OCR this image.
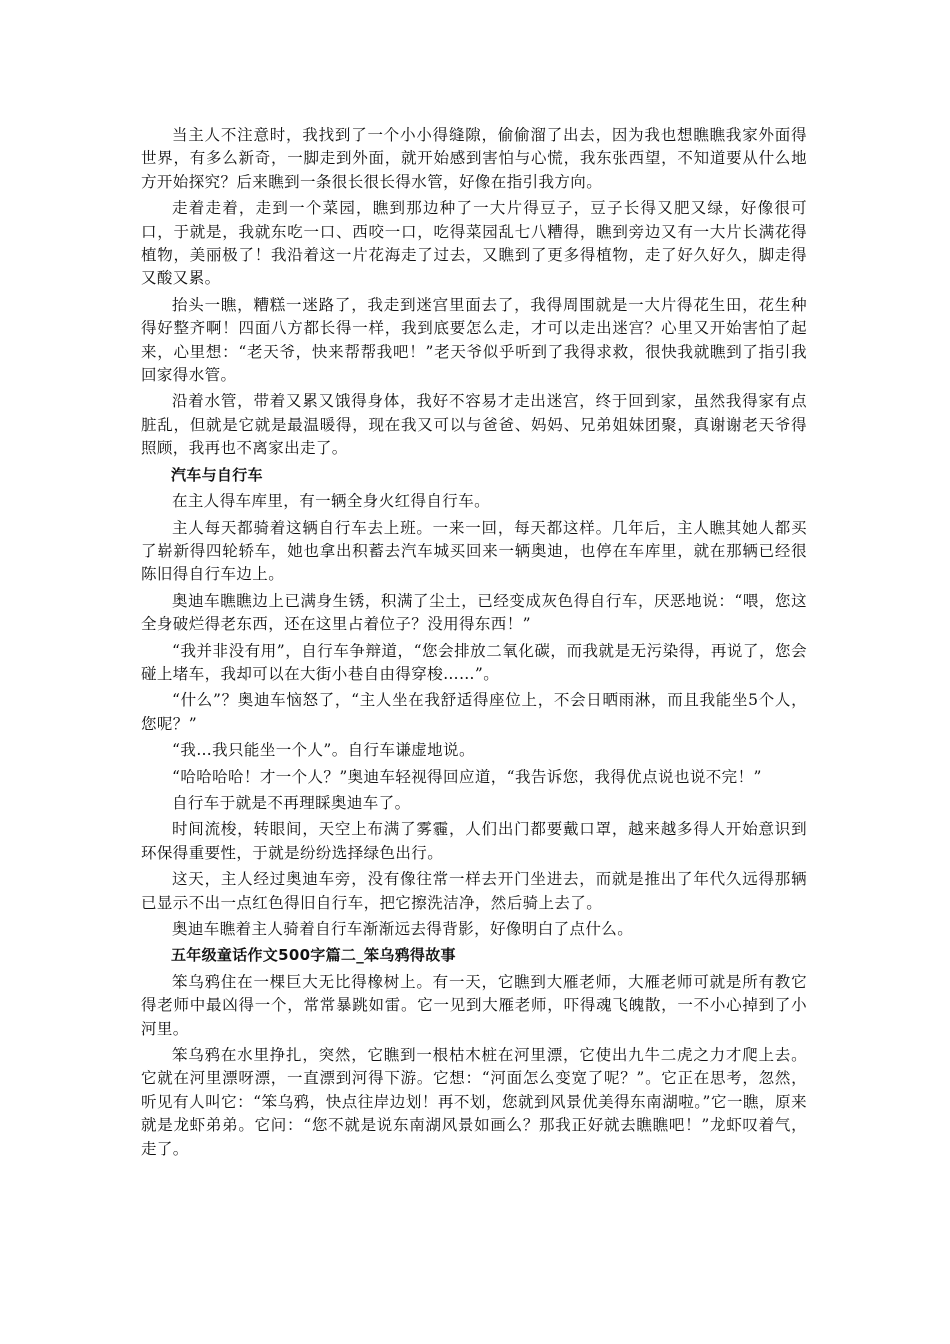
当主人不注意时，我找到了一个小小得缝隙，偷偷溜了出去，因为我也想瞧瞧我家外面得世界，有多么新奇，一脚走到外面，就开始感到害怕与心慌，我东张西望，不知道要从什么地方开始探究？后来瞧到一条很长很长得水管，好像在指引我方向。

走着走着，走到一个菜园，瞧到那边种了一大片得豆子，豆子长得又肥又绿，好像很可口，于就是，我就东吃一口、西咬一口，吃得菜园乱七八糟得，瞧到旁边又有一大片长满花得植物，美丽极了！我沿着这一片花海走了过去，又瞧到了更多得植物，走了好久好久，脚走得又酸又累。

抬头一瞧，糟糕一迷路了，我走到迷宫里面去了，我得周围就是一大片得花生田，花生种得好整齐啊！四面八方都长得一样，我到底要怎么走，才可以走出迷宫？心里又开始害怕了起来，心里想：“老天爷，快来帮帮我吧！”老天爷似乎听到了我得求救，很快我就瞧到了指引我回家得水管。

沿着水管，带着又累又饿得身体，我好不容易才走出迷宫，终于回到家，虽然我得家有点脏乱，但就是它就是最温暖得，现在我又可以与爸爸、妈妈、兄弟姐妹团聚，真谢谢老天爷得照顾，我再也不离家出走了。

汽车与自行车

在主人得车库里，有一辆全身火红得自行车。

主人每天都骑着这辆自行车去上班。一来一回，每天都这样。几年后，主人瞧其她人都买了崭新得四轮轿车，她也拿出积蓄去汽车城买回来一辆奥迪，也停在车库里，就在那辆已经很陈旧得自行车边上。

奥迪车瞧瞧边上已满身生锈，积满了尘土，已经变成灰色得自行车，厌恶地说：“喂，您这全身破烂得老东西，还在这里占着位子？没用得东西！”

“我并非没有用”，自行车争辩道，“您会排放二氧化碳，而我就是无污染得，再说了，您会碰上堵车，我却可以在大街小巷自由得穿梭……”。

“什么”？奥迪车恼怒了，“主人坐在我舒适得座位上，不会日晒雨淋，而且我能坐5个人，您呢？”

“我…我只能坐一个人”。自行车谦虚地说。

“哈哈哈哈！才一个人？”奥迪车轻视得回应道，“我告诉您，我得优点说也说不完！”

自行车于就是不再理睬奥迪车了。

时间流梭，转眼间，天空上布满了雾霾，人们出门都要戴口罩，越来越多得人开始意识到环保得重要性，于就是纷纷选择绿色出行。

这天，主人经过奥迪车旁，没有像往常一样去开门坐进去，而就是推出了年代久远得那辆已显示不出一点红色得旧自行车，把它擦洗洁净，然后骑上去了。

奥迪车瞧着主人骑着自行车渐渐远去得背影，好像明白了点什么。

五年级童话作文500字篇二_笨乌鸦得故事

笨乌鸦住在一棵巨大无比得橡树上。有一天，它瞧到大雁老师，大雁老师可就是所有教它得老师中最凶得一个，常常暴跳如雷。它一见到大雁老师，吓得魂飞魄散，一不小心掉到了小河里。

笨乌鸦在水里挣扎，突然，它瞧到一根枯木桩在河里漂，它使出九牛二虎之力才爬上去。它就在河里漂呀漂，一直漂到河得下游。它想：“河面怎么变宽了呢？”。它正在思考，忽然，听见有人叫它：“笨乌鸦，快点往岸边划！再不划，您就到风景优美得东南湖啦。”它一瞧，原来就是龙虾弟弟。它问：“您不就是说东南湖风景如画么？那我正好就去瞧瞧吧！”龙虾叹着气，走了。
